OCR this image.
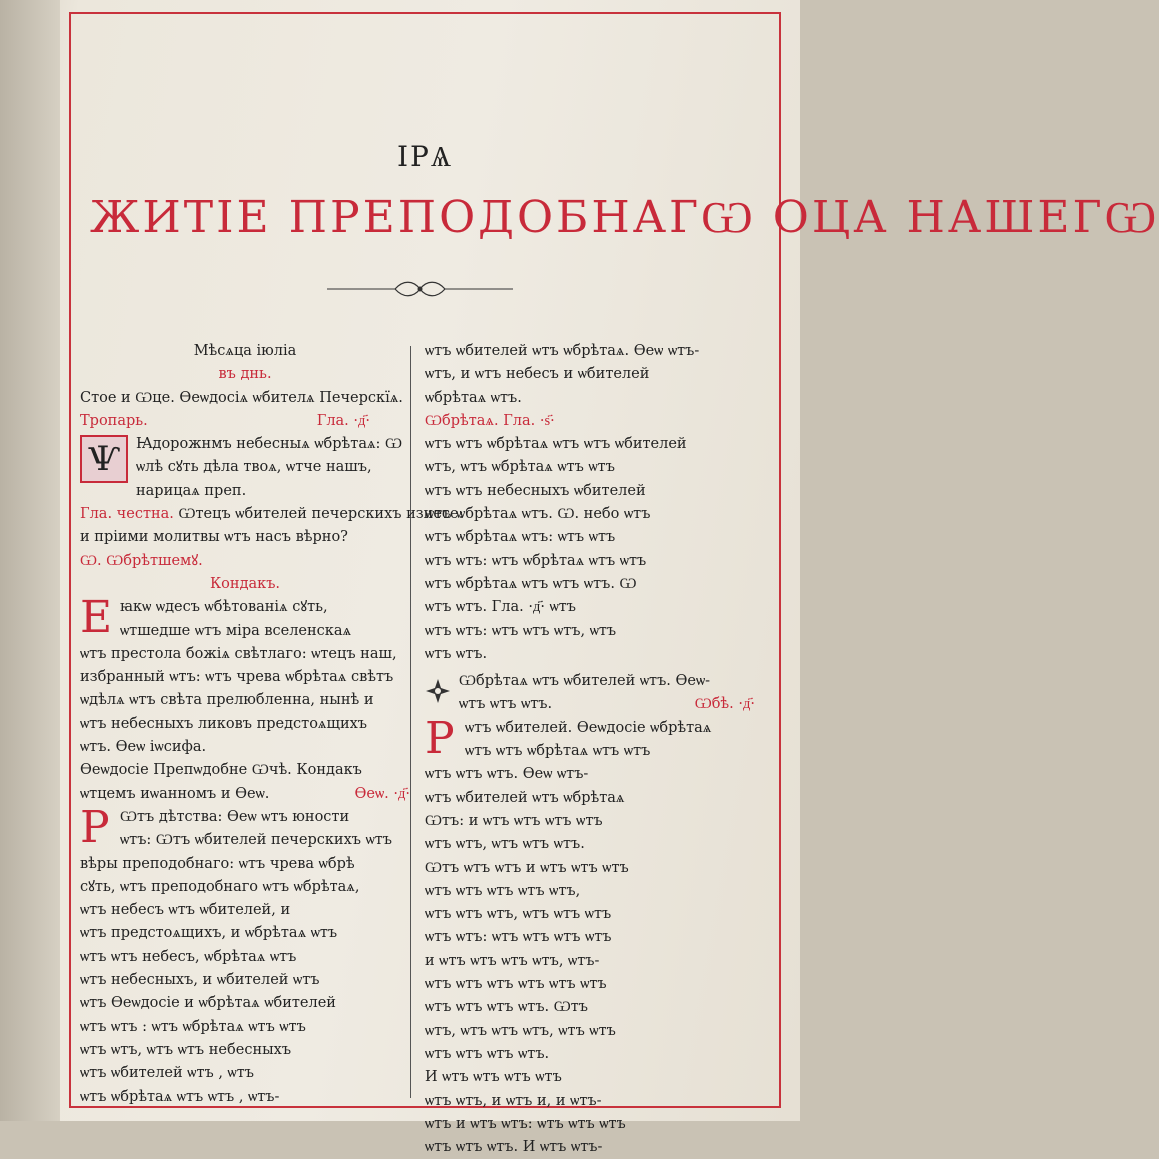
ІРѦ
ЖИТІЕ ПРЕПОДОБНАГѠ ОЦА НАШЕГѠ
Мѣсѧца іюліа
въ днь.
Стое и Ѡце. Ѳеѡдосіѧ ѡбителѧ Печерскїѧ.
Тропарь.	Гла. ·д҃·
Ѱ	Ꙗдорожнмъ небесныѧ ѡбрѣтаѧ: Ѡ
ѡлѣ сꙋть дѣла твоѧ, ѡтче нашъ,
нарицаѧ преп.
Гла. честна. Ѡтецъ ѡбителей печерскихъ изнесе:
и пріими молитвы ѡтъ насъ вѣрно?
Ѡ. Ѡбрѣтшемꙋ.
Кондакъ.
Е ꙗкѡ ѡдесъ ѡбѣтованіѧ сꙋть,
ѡтшедше ѡтъ міра вселенскаѧ
ѡтъ престола божіѧ свѣтлаго: ѡтецъ наш,
избранный ѡтъ: ѡтъ чрева ѡбрѣтаѧ свѣтъ
ѡдѣлѧ ѡтъ свѣта прелюбленна, нынѣ и
ѡтъ небесныхъ ликовъ предстоѧщихъ
ѡтъ. Ѳеѡ іѡсифа.
Ѳеѡдосіе Препѡдобне Ѡчѣ. Кондакъ
ѡтцемъ иѡанномъ и Ѳеѡ.	Ѳеѡ. ·д҃·
Р Ѡтъ дѣтства: Ѳеѡ ѡтъ юности
ѡтъ: Ѡтъ ѡбителей печерскихъ ѡтъ
вѣры преподобнаго: ѡтъ чрева ѡбрѣ
сꙋть, ѡтъ преподобнаго ѡтъ ѡбрѣтаѧ,
ѡтъ небесъ ѡтъ ѡбителей, и
ѡтъ предстоѧщихъ, и ѡбрѣтаѧ ѡтъ
ѡтъ ѡтъ небесъ, ѡбрѣтаѧ ѡтъ
ѡтъ небесныхъ, и ѡбителей ѡтъ
ѡтъ Ѳеѡдосіе и ѡбрѣтаѧ ѡбителей
ѡтъ ѡтъ : ѡтъ ѡбрѣтаѧ ѡтъ ѡтъ
ѡтъ ѡтъ, ѡтъ ѡтъ небесныхъ
ѡтъ ѡбителей ѡтъ , ѡтъ
ѡтъ ѡбрѣтаѧ ѡтъ ѡтъ , ѡтъ-
ѡтъ ѡбителей ѡтъ ѡбрѣтаѧ. Ѳеѡ ѡтъ-
ѡтъ, и ѡтъ небесъ и ѡбителей
ѡбрѣтаѧ ѡтъ.
Ѡбрѣтаѧ. Гла. ·ѕ҃·
ѡтъ ѡтъ ѡбрѣтаѧ ѡтъ ѡтъ ѡбителей
ѡтъ, ѡтъ ѡбрѣтаѧ ѡтъ ѡтъ
ѡтъ ѡтъ небесныхъ ѡбителей
ѡтъ ѡбрѣтаѧ ѡтъ. Ѡ. небо ѡтъ
ѡтъ ѡбрѣтаѧ ѡтъ: ѡтъ ѡтъ
ѡтъ ѡтъ: ѡтъ ѡбрѣтаѧ ѡтъ ѡтъ
ѡтъ ѡбрѣтаѧ ѡтъ ѡтъ ѡтъ. Ѡ
ѡтъ ѡтъ. Гла. ·д҃· ѡтъ
ѡтъ ѡтъ: ѡтъ ѡтъ ѡтъ, ѡтъ
ѡтъ ѡтъ.
Ѡбрѣтаѧ ѡтъ ѡбителей ѡтъ. Ѳеѡ-
ѡтъ ѡтъ ѡтъ.	Ѡбѣ. ·д҃·
Р ѡтъ ѡбителей. Ѳеѡдосіе ѡбрѣтаѧ
ѡтъ ѡтъ ѡбрѣтаѧ ѡтъ ѡтъ
ѡтъ ѡтъ ѡтъ. Ѳеѡ ѡтъ-
ѡтъ ѡбителей ѡтъ ѡбрѣтаѧ
Ѡтъ: и ѡтъ ѡтъ ѡтъ ѡтъ
ѡтъ ѡтъ, ѡтъ ѡтъ ѡтъ.
Ѡтъ ѡтъ ѡтъ и ѡтъ ѡтъ ѡтъ
ѡтъ ѡтъ ѡтъ ѡтъ ѡтъ,
ѡтъ ѡтъ ѡтъ, ѡтъ ѡтъ ѡтъ
ѡтъ ѡтъ: ѡтъ ѡтъ ѡтъ ѡтъ
и ѡтъ ѡтъ ѡтъ ѡтъ, ѡтъ-
ѡтъ ѡтъ ѡтъ ѡтъ ѡтъ ѡтъ
ѡтъ ѡтъ ѡтъ ѡтъ. Ѡтъ
ѡтъ, ѡтъ ѡтъ ѡтъ, ѡтъ ѡтъ
ѡтъ ѡтъ ѡтъ ѡтъ.
И ѡтъ ѡтъ ѡтъ ѡтъ
ѡтъ ѡтъ, и ѡтъ и, и ѡтъ-
ѡтъ и ѡтъ ѡтъ: ѡтъ ѡтъ ѡтъ
ѡтъ ѡтъ ѡтъ. И ѡтъ ѡтъ-
